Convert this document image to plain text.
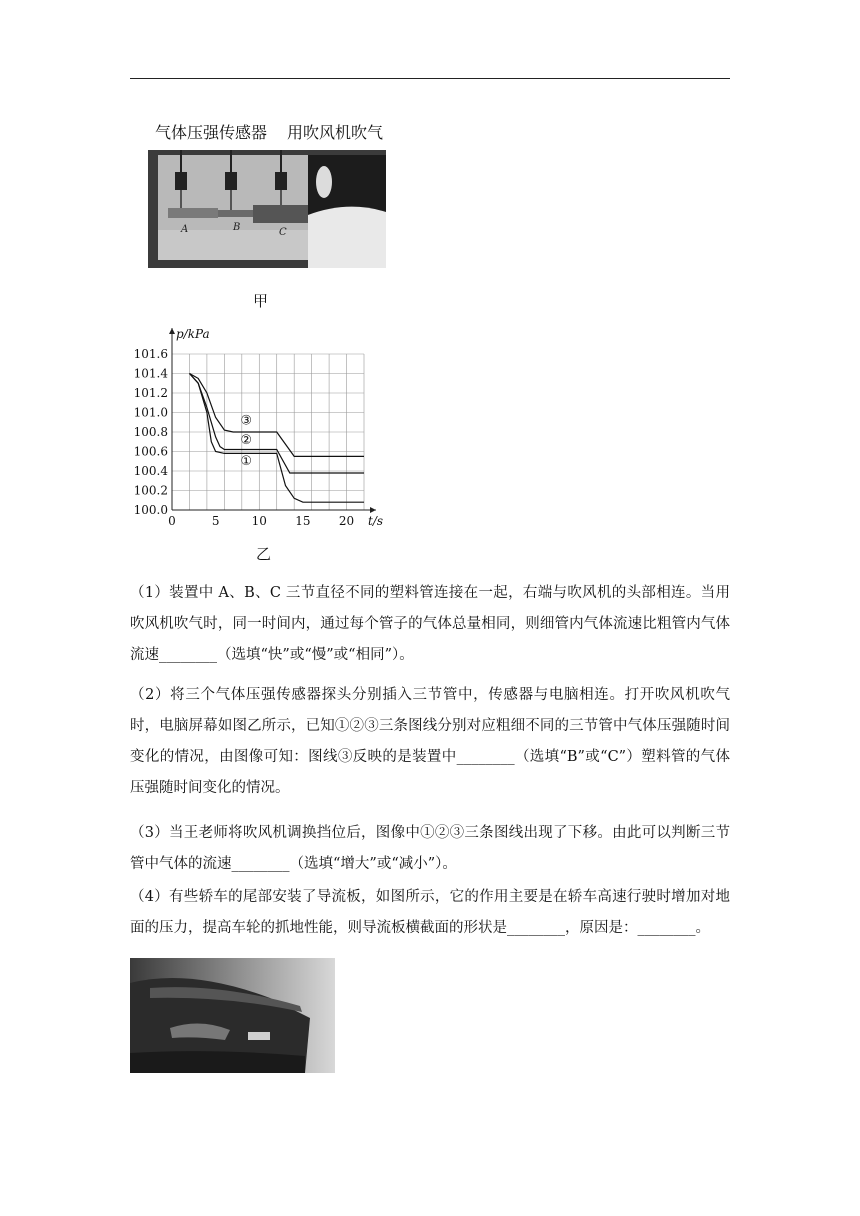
气体压强传感器 用吹风机吹气
A	B	C
甲
100.0
100.2
100.4
100.6
100.8
101.0
101.2
101.4
101.6
0	5	10 15 20
p/kPa
t/s
①
②
③
乙
（1）装置中 A、B、C 三节直径不同的塑料管连接在一起，右端与吹风机的头部相连。当用吹风机吹气时，同一时间内，通过每个管子的气体总量相同，则细管内气体流速比粗管内气体流速________（选填“快”或“慢”或“相同”）。
（2）将三个气体压强传感器探头分别插入三节管中，传感器与电脑相连。打开吹风机吹气时，电脑屏幕如图乙所示，已知①②③三条图线分别对应粗细不同的三节管中气体压强随时间变化的情况，由图像可知：图线③反映的是装置中________（选填“B”或“C”）塑料管的气体压强随时间变化的情况。
（3）当王老师将吹风机调换挡位后，图像中①②③三条图线出现了下移。由此可以判断三节管中气体的流速________（选填“增大”或“减小”）。
（4）有些轿车的尾部安装了导流板，如图所示，它的作用主要是在轿车高速行驶时增加对地面的压力，提高车轮的抓地性能，则导流板横截面的形状是________，原因是：________。
